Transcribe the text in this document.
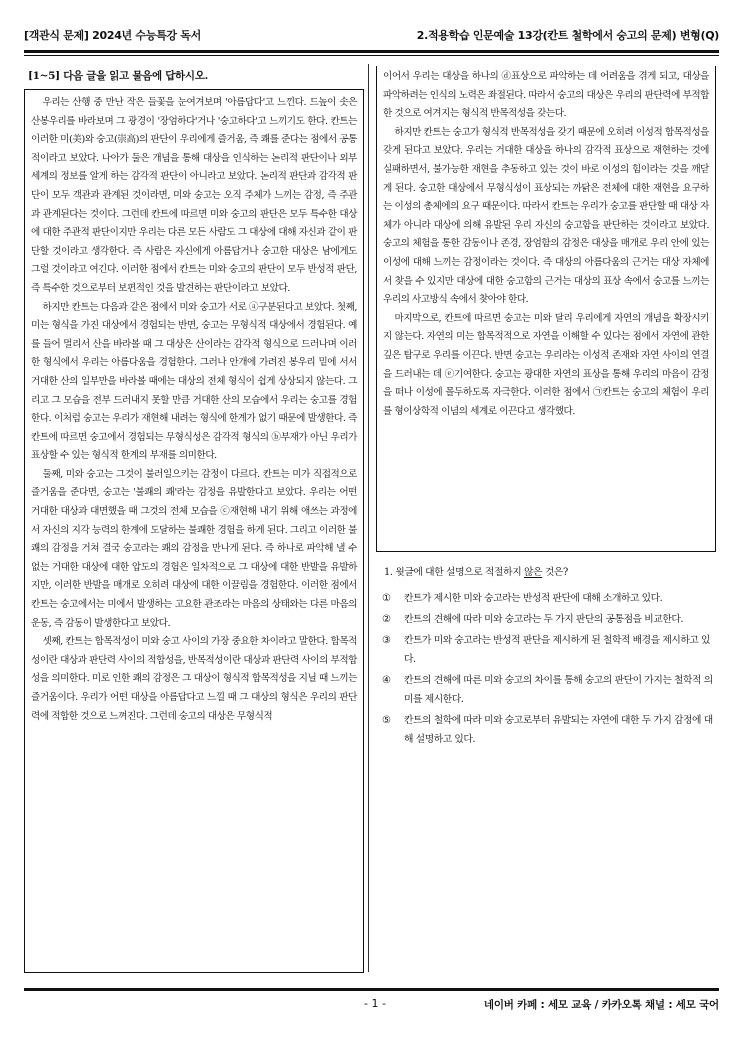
[객관식 문제] 2024년 수능특강 독서	2.적용학습 인문예술 13강(칸트 철학에서 숭고의 문제) 변형(Q)
[1~5] 다음 글을 읽고 물음에 답하시오.

우리는 산행 중 만난 작은 들꽃을 눈여겨보며 '아름답다'고 느낀다. 드높이 솟은 산봉우리를 바라보며 그 광경이 '장엄하다'거나 '숭고하다'고 느끼기도 한다. 칸트는 이러한 미(美)와 숭고(崇高)의 판단이 우리에게 즐거움, 즉 쾌를 준다는 점에서 공통적이라고 보았다. 나아가 둘은 개념을 통해 대상을 인식하는 논리적 판단이나 외부 세계의 정보를 알게 하는 감각적 판단이 아니라고 보았다. 논리적 판단과 감각적 판단이 모두 객관과 관계된 것이라면, 미와 숭고는 오직 주체가 느끼는 감정, 즉 주관과 관계된다는 것이다. 그런데 칸트에 따르면 미와 숭고의 판단은 모두 특수한 대상에 대한 주관적 판단이지만 우리는 다른 모든 사람도 그 대상에 대해 자신과 같이 판단할 것이라고 생각한다. 즉 사람은 자신에게 아름답거나 숭고한 대상은 남에게도 그럴 것이라고 여긴다. 이러한 점에서 칸트는 미와 숭고의 판단이 모두 반성적 판단, 즉 특수한 것으로부터 보편적인 것을 발견하는 판단이라고 보았다.

하지만 칸트는 다음과 같은 점에서 미와 숭고가 서로 ⓐ구분된다고 보았다. 첫째, 미는 형식을 가진 대상에서 경험되는 반면, 숭고는 무형식적 대상에서 경험된다. 예를 들어 멀리서 산을 바라볼 때 그 대상은 산이라는 감각적 형식으로 드러나며 이러한 형식에서 우리는 아름다움을 경험한다. 그러나 안개에 가려진 봉우리 밑에 서서 거대한 산의 일부만을 바라볼 때에는 대상의 전체 형식이 쉽게 상상되지 않는다. 그리고 그 모습을 전부 드러내지 못할 만큼 거대한 산의 모습에서 우리는 숭고를 경험한다. 이처럼 숭고는 우리가 재현해 내려는 형식에 한계가 없기 때문에 발생한다. 즉 칸트에 따르면 숭고에서 경험되는 무형식성은 감각적 형식의 ⓑ부재가 아닌 우리가 표상할 수 있는 형식적 한계의 부재를 의미한다.

둘째, 미와 숭고는 그것이 불러일으키는 감정이 다르다. 칸트는 미가 직접적으로 즐거움을 준다면, 숭고는 '불쾌의 쾌'라는 감정을 유발한다고 보았다. 우리는 어떤 거대한 대상과 대면했을 때 그것의 전체 모습을 ⓒ재현해 내기 위해 애쓰는 과정에서 자신의 지각 능력의 한계에 도달하는 불쾌한 경험을 하게 된다. 그리고 이러한 불쾌의 감정을 거쳐 결국 숭고라는 쾌의 감정을 만나게 된다. 즉 하나로 파악해 낼 수 없는 거대한 대상에 대한 압도의 경험은 일차적으로 그 대상에 대한 반발을 유발하지만, 이러한 반발을 매개로 오히려 대상에 대한 이끌림을 경험한다. 이러한 점에서 칸트는 숭고에서는 미에서 발생하는 고요한 관조라는 마음의 상태와는 다른 마음의 운동, 즉 감동이 발생한다고 보았다.

셋째, 칸트는 합목적성이 미와 숭고 사이의 가장 중요한 차이라고 말한다. 합목적성이란 대상과 판단력 사이의 적합성을, 반목적성이란 대상과 판단력 사이의 부적합성을 의미한다. 미로 인한 쾌의 감정은 그 대상이 형식적 합목적성을 지닐 때 느끼는 즐거움이다. 우리가 어떤 대상을 아름답다고 느낄 때 그 대상의 형식은 우리의 판단력에 적합한 것으로 느껴진다. 그런데 숭고의 대상은 무형식적

이어서 우리는 대상을 하나의 ⓓ표상으로 파악하는 데 어려움을 겪게 되고, 대상을 파악하려는 인식의 노력은 좌절된다. 따라서 숭고의 대상은 우리의 판단력에 부적합한 것으로 여겨지는 형식적 반목적성을 갖는다.

하지만 칸트는 숭고가 형식적 반목적성을 갖기 때문에 오히려 이성적 합목적성을 갖게 된다고 보았다. 우리는 거대한 대상을 하나의 감각적 표상으로 재현하는 것에 실패하면서, 불가능한 재현을 추동하고 있는 것이 바로 이성의 힘이라는 것을 깨닫게 된다. 숭고한 대상에서 무형식성이 표상되는 까닭은 전체에 대한 재현을 요구하는 이성의 총체에의 요구 때문이다. 따라서 칸트는 우리가 숭고를 판단할 때 대상 자체가 아니라 대상에 의해 유발된 우리 자신의 숭고함을 판단하는 것이라고 보았다. 숭고의 체험을 통한 감동이나 존경, 장엄함의 감정은 대상을 매개로 우리 안에 있는 이성에 대해 느끼는 감정이라는 것이다. 즉 대상의 아름다움의 근거는 대상 자체에서 찾을 수 있지만 대상에 대한 숭고함의 근거는 대상의 표상 속에서 숭고를 느끼는 우리의 사고방식 속에서 찾아야 한다.

마지막으로, 칸트에 따르면 숭고는 미와 달리 우리에게 자연의 개념을 확장시키지 않는다. 자연의 미는 합목적적으로 자연을 이해할 수 있다는 점에서 자연에 관한 깊은 탐구로 우리를 이끈다. 반면 숭고는 우리라는 이성적 존재와 자연 사이의 연결을 드러내는 데 ⓔ기여한다. 숭고는 광대한 자연의 표상을 통해 우리의 마음이 감정을 떠나 이성에 몰두하도록 자극한다. 이러한 점에서 ㉠칸트는 숭고의 체험이 우리를 형이상학적 이념의 세계로 이끈다고 생각했다.

1. 윗글에 대한 설명으로 적절하지 않은 것은?

①	칸트가 제시한 미와 숭고라는 반성적 판단에 대해 소개하고 있다.
②	칸트의 견해에 따라 미와 숭고라는 두 가지 판단의 공통점을 비교한다.
③	칸트가 미와 숭고라는 반성적 판단을 제시하게 된 철학적 배경을 제시하고 있다.
④	칸트의 견해에 따른 미와 숭고의 차이를 통해 숭고의 판단이 가지는 철학적 의미를 제시한다.
⑤	칸트의 철학에 따라 미와 숭고로부터 유발되는 자연에 대한 두 가지 감정에 대해 설명하고 있다.
- 1 -	네이버 카페 : 세모 교육 / 카카오톡 채널 : 세모 국어
